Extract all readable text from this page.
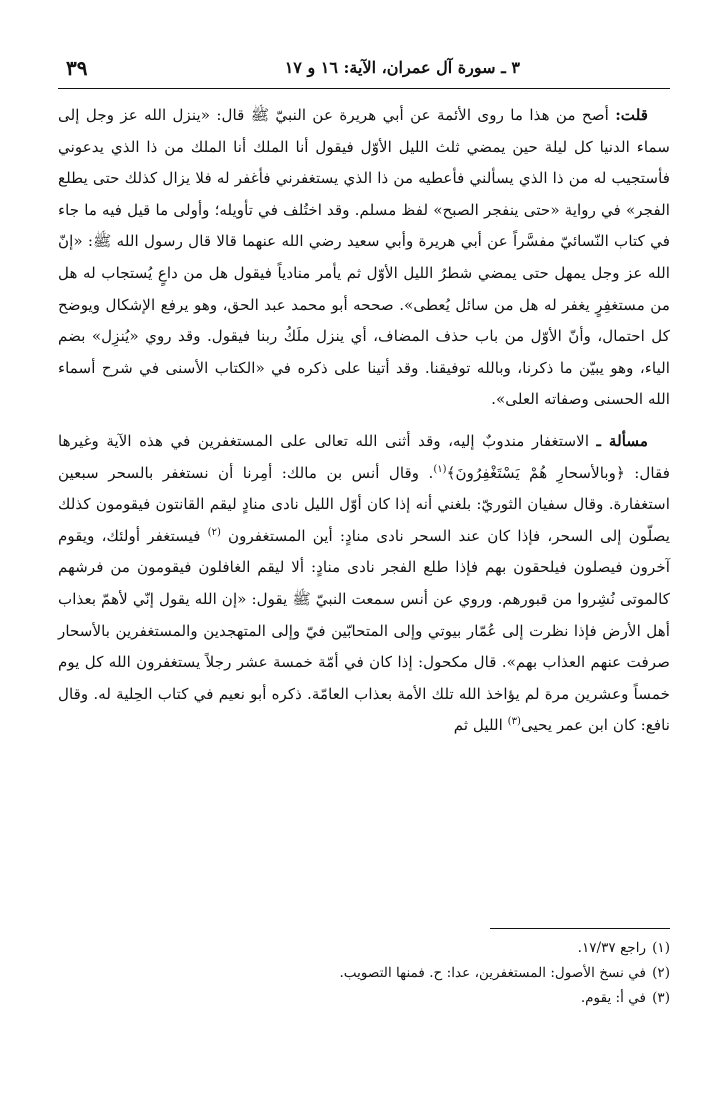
٣ ـ سورة آل عمران، الآية: ١٦ و ١٧
٣٩

قلت: أصح من هذا ما روى الأئمة عن أبي هريرة عن النبيّ ﷺ قال: «ينزل الله عز وجل إلى سماء الدنيا كل ليلة حين يمضي ثلث الليل الأوّل فيقول أنا الملك أنا الملك من ذا الذي يدعوني فأستجيب له من ذا الذي يسألني فأعطيه من ذا الذي يستغفرني فأغفر له فلا يزال كذلك حتى يطلع الفجر» في رواية «حتى ينفجر الصبح» لفظ مسلم. وقد اختُلف في تأويله؛ وأولى ما قيل فيه ما جاء في كتاب النّسائيّ مفسَّراً عن أبي هريرة وأبي سعيد رضي الله عنهما قالا قال رسول الله ﷺ: «إنّ الله عز وجل يمهل حتى يمضي شطرُ الليل الأوّل ثم يأمر منادياً فيقول هل من داعٍ يُستجاب له هل من مستغفِرٍ يغفر له هل من سائل يُعطى». صححه أبو محمد عبد الحق، وهو يرفع الإشكال ويوضح كل احتمال، وأنّ الأوّل من باب حذف المضاف، أي ينزل ملَكُ ربنا فيقول. وقد روي «يُنزِل» بضم الياء، وهو يبيّن ما ذكرنا، وبالله توفيقنا. وقد أتينا على ذكره في «الكتاب الأسنى في شرح أسماء الله الحسنى وصفاته العلى».

مسألة ـ الاستغفار مندوبٌ إليه، وقد أثنى الله تعالى على المستغفرين في هذه الآية وغيرها فقال: ﴿وبالأسحارِ هُمْ يَسْتَغْفِرُونَ﴾$^{(١)}$. وقال أنس بن مالك: أمِرنا أن نستغفر بالسحر سبعين استغفارة. وقال سفيان الثوريّ: بلغني أنه إذا كان أوّل الليل نادى منادٍ ليقم القانتون فيقومون كذلك يصلّون إلى السحر، فإذا كان عند السحر نادى منادٍ: أين المستغفرون $^{(٢)}$ فيستغفر أولئك، ويقوم آخرون فيصلون فيلحقون بهم فإذا طلع الفجر نادى منادٍ: ألا ليقم الغافلون فيقومون من فرشهم كالموتى نُشِروا من قبورهم. وروي عن أنس سمعت النبيّ ﷺ يقول: «إن الله يقول إنّي لأهمّ بعذاب أهل الأرض فإذا نظرت إلى عُمّار بيوتي وإلى المتحابّين فيّ وإلى المتهجدين والمستغفرين بالأسحار صرفت عنهم العذاب بهم». قال مكحول: إذا كان في أمّة خمسة عشر رجلاً يستغفرون الله كل يوم خمساً وعشرين مرة لم يؤاخذ الله تلك الأمة بعذاب العامّة. ذكره أبو نعيم في كتاب الحِلية له. وقال نافع: كان ابن عمر يحيى$^{(٣)}$ الليل ثم

(١)راجع ١٧/٣٧.
(٢)في نسخ الأصول: المستغفرين، عدا: ح. فمنها التصويب.
(٣)في أ: يقوم.
